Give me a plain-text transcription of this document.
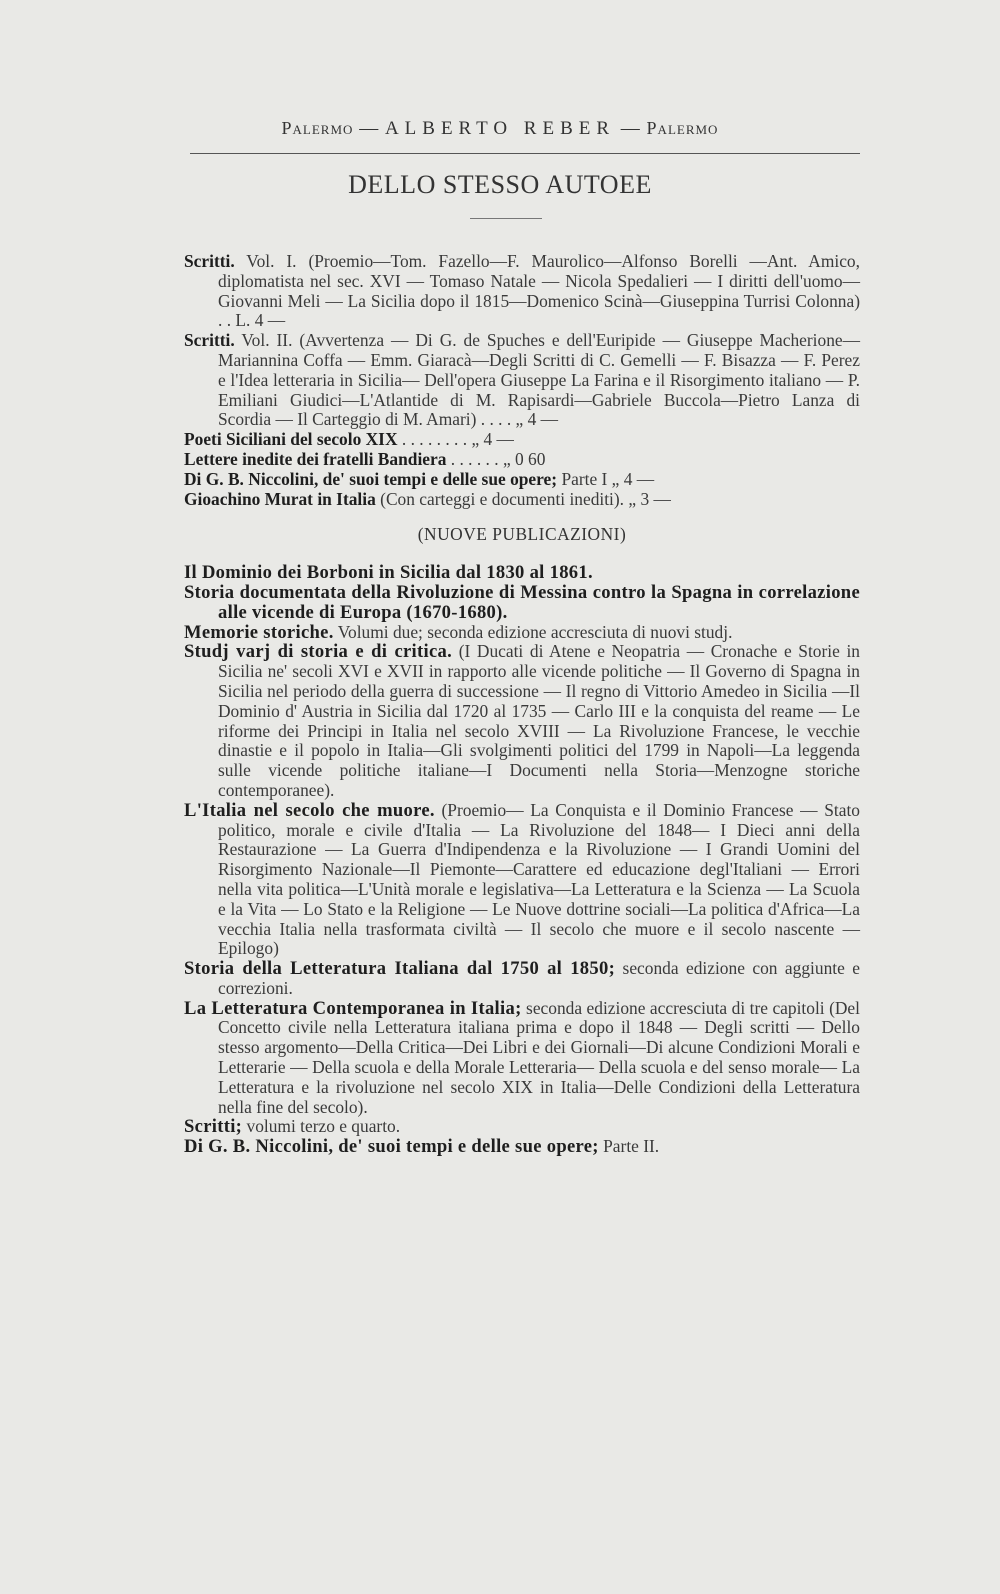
Palermo — ALBERTO REBER — Palermo
DELLO STESSO AUTOEE

Scritti. Vol. I. (Proemio—Tom. Fazello—F. Maurolico—Alfonso Borelli —Ant. Amico, diplomatista nel sec. XVI — Tomaso Natale — Nicola Spedalieri — I diritti dell'uomo—Giovanni Meli — La Sicilia dopo il 1815—Domenico Scinà—Giuseppina Turrisi Colonna) . . L. 4 —

Scritti. Vol. II. (Avvertenza — Di G. de Spuches e dell'Euripide — Giuseppe Macherione— Mariannina Coffa — Emm. Giaracà—Degli Scritti di C. Gemelli — F. Bisazza — F. Perez e l'Idea letteraria in Sicilia— Dell'opera Giuseppe La Farina e il Risorgimento italiano — P. Emiliani Giudici—L'Atlantide di M. Rapisardi—Gabriele Buccola—Pietro Lanza di Scordia — Il Carteggio di M. Amari) . . . . „ 4 —

Poeti Siciliani del secolo XIX . . . . . . . . „ 4 —

Lettere inedite dei fratelli Bandiera . . . . . . „ 0 60

Di G. B. Niccolini, de' suoi tempi e delle sue opere; Parte I „ 4 —

Gioachino Murat in Italia (Con carteggi e documenti inediti). „ 3 —

(NUOVE PUBLICAZIONI)

Il Dominio dei Borboni in Sicilia dal 1830 al 1861.

Storia documentata della Rivoluzione di Messina contro la Spagna in correlazione alle vicende di Europa (1670-1680).

Memorie storiche. Volumi due; seconda edizione accresciuta di nuovi studj.

Studj varj di storia e di critica. (I Ducati di Atene e Neopatria — Cronache e Storie in Sicilia ne' secoli XVI e XVII in rapporto alle vicende politiche — Il Governo di Spagna in Sicilia nel periodo della guerra di successione — Il regno di Vittorio Amedeo in Sicilia —Il Dominio d' Austria in Sicilia dal 1720 al 1735 — Carlo III e la conquista del reame — Le riforme dei Principi in Italia nel secolo XVIII — La Rivoluzione Francese, le vecchie dinastie e il popolo in Italia—Gli svolgimenti politici del 1799 in Napoli—La leggenda sulle vicende politiche italiane—I Documenti nella Storia—Menzogne storiche contemporanee).

L'Italia nel secolo che muore. (Proemio— La Conquista e il Dominio Francese — Stato politico, morale e civile d'Italia — La Rivoluzione del 1848— I Dieci anni della Restaurazione — La Guerra d'Indipendenza e la Rivoluzione — I Grandi Uomini del Risorgimento Nazionale—Il Piemonte—Carattere ed educazione degl'Italiani — Errori nella vita politica—L'Unità morale e legislativa—La Letteratura e la Scienza — La Scuola e la Vita — Lo Stato e la Religione — Le Nuove dottrine sociali—La politica d'Africa—La vecchia Italia nella trasformata civiltà — Il secolo che muore e il secolo nascente — Epilogo)

Storia della Letteratura Italiana dal 1750 al 1850; seconda edizione con aggiunte e correzioni.

La Letteratura Contemporanea in Italia; seconda edizione accresciuta di tre capitoli (Del Concetto civile nella Letteratura italiana prima e dopo il 1848 — Degli scritti — Dello stesso argomento—Della Critica—Dei Libri e dei Giornali—Di alcune Condizioni Morali e Letterarie — Della scuola e della Morale Letteraria— Della scuola e del senso morale— La Letteratura e la rivoluzione nel secolo XIX in Italia—Delle Condizioni della Letteratura nella fine del secolo).

Scritti; volumi terzo e quarto.

Di G. B. Niccolini, de' suoi tempi e delle sue opere; Parte II.
